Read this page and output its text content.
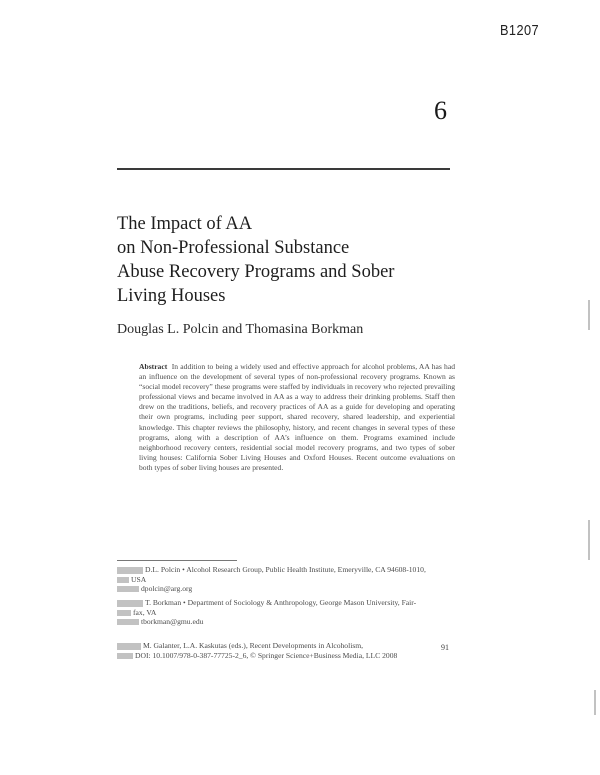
B1207
6
The Impact of AA
on Non-Professional Substance
Abuse Recovery Programs and Sober
Living Houses
Douglas L. Polcin and Thomasina Borkman
Abstract In addition to being a widely used and effective approach for alcohol problems, AA has had an influence on the development of several types of non-professional recovery programs. Known as “social model recovery” these programs were staffed by individuals in recovery who rejected prevailing professional views and became involved in AA as a way to address their drinking problems. Staff then drew on the traditions, beliefs, and recovery practices of AA as a guide for developing and operating their own programs, including peer support, shared recovery, shared leadership, and experiential knowledge. This chapter reviews the philosophy, history, and recent changes in several types of these programs, along with a description of AA’s influence on them. Programs examined include neighborhood recovery centers, residential social model recovery programs, and two types of sober living houses: California Sober Living Houses and Oxford Houses. Recent outcome evaluations on both types of sober living houses are presented.
D.L. Polcin • Alcohol Research Group, Public Health Institute, Emeryville, CA 94608-1010,
USA
dpolcin@arg.org
T. Borkman • Department of Sociology & Anthropology, George Mason University, Fair-
fax, VA
tborkman@gmu.edu
M. Galanter, L.A. Kaskutas (eds.), Recent Developments in Alcoholism,
DOI: 10.1007/978-0-387-77725-2_6, © Springer Science+Business Media, LLC 2008
91
